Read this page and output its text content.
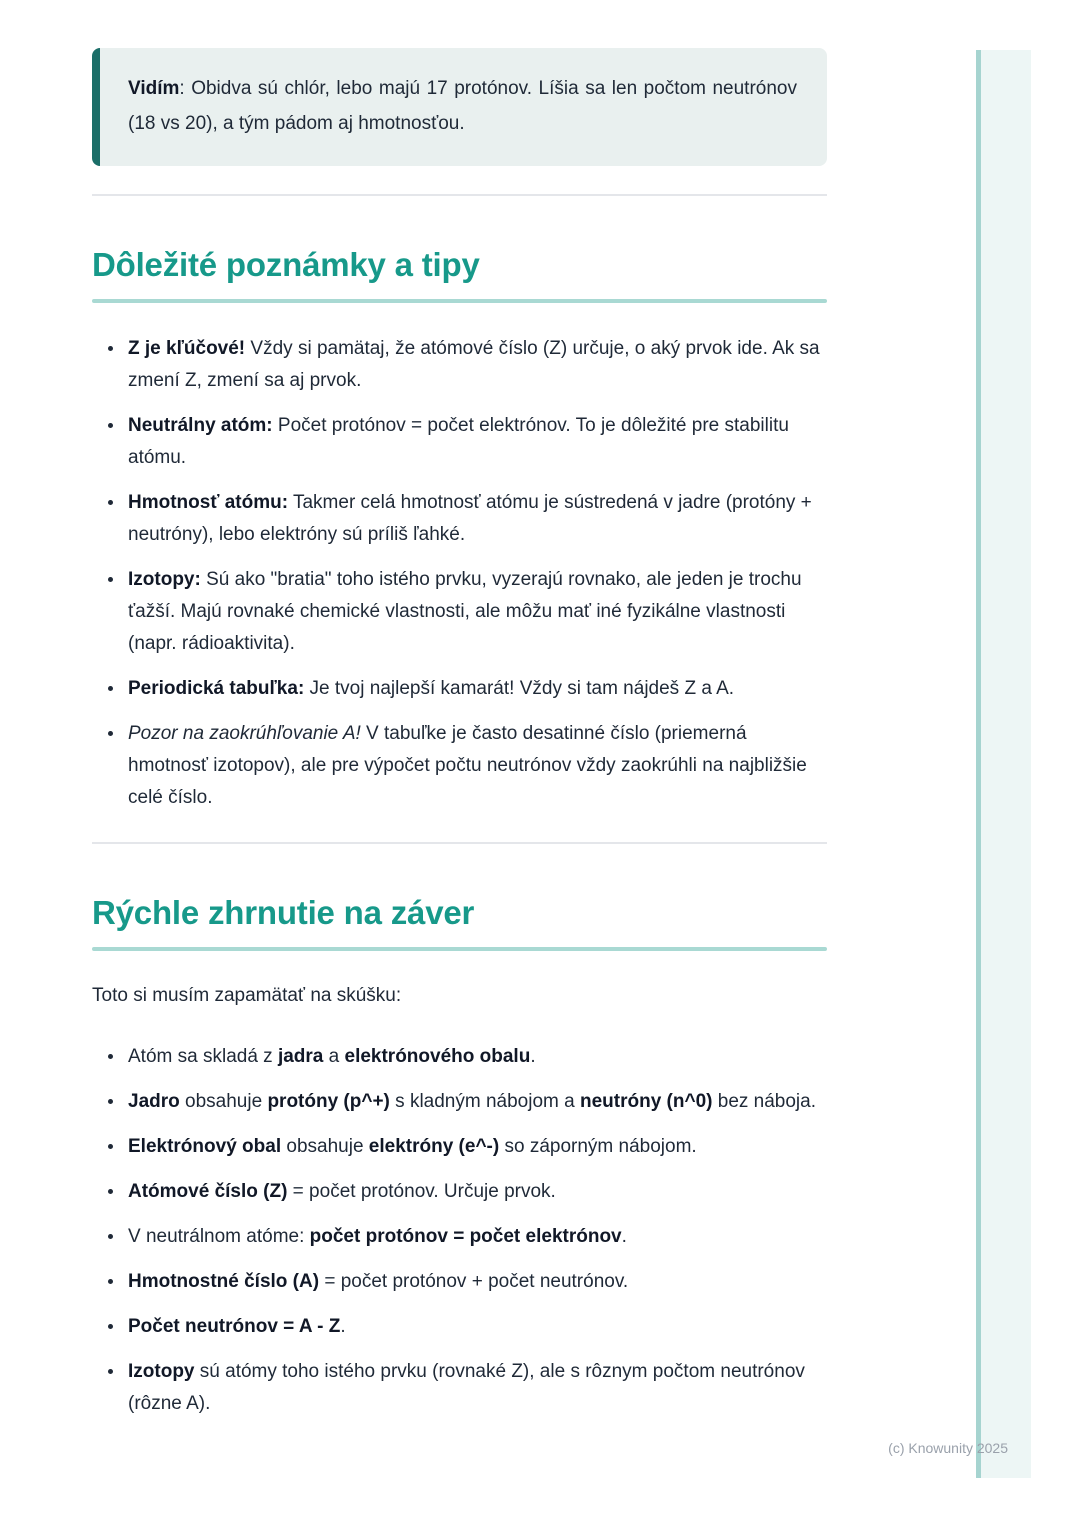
Vidím: Obidva sú chlór, lebo majú 17 protónov. Líšia sa len počtom neutrónov (18 vs 20), a tým pádom aj hmotnosťou.

Dôležité poznámky a tipy
• Z je kľúčové! Vždy si pamätaj, že atómové číslo (Z) určuje, o aký prvok ide. Ak sa zmení Z, zmení sa aj prvok.
• Neutrálny atóm: Počet protónov = počet elektrónov. To je dôležité pre stabilitu atómu.
• Hmotnosť atómu: Takmer celá hmotnosť atómu je sústredená v jadre (protóny + neutróny), lebo elektróny sú príliš ľahké.
• Izotopy: Sú ako "bratia" toho istého prvku, vyzerajú rovnako, ale jeden je trochu ťažší. Majú rovnaké chemické vlastnosti, ale môžu mať iné fyzikálne vlastnosti (napr. rádioaktivita).
• Periodická tabuľka: Je tvoj najlepší kamarát! Vždy si tam nájdeš Z a A.
• Pozor na zaokrúhľovanie A! V tabuľke je často desatinné číslo (priemerná hmotnosť izotopov), ale pre výpočet počtu neutrónov vždy zaokrúhli na najbližšie celé číslo.
Rýchle zhrnutie na záver

Toto si musím zapamätať na skúšku:

• Atóm sa skladá z jadra a elektrónového obalu.
• Jadro obsahuje protóny (p^+) s kladným nábojom a neutróny (n^0) bez náboja.
• Elektrónový obal obsahuje elektróny (e^-) so záporným nábojom.
• Atómové číslo (Z) = počet protónov. Určuje prvok.
• V neutrálnom atóme: počet protónov = počet elektrónov.
• Hmotnostné číslo (A) = počet protónov + počet neutrónov.
• Počet neutrónov = A - Z.
• Izotopy sú atómy toho istého prvku (rovnaké Z), ale s rôznym počtom neutrónov (rôzne A).
(c) Knowunity 2025
